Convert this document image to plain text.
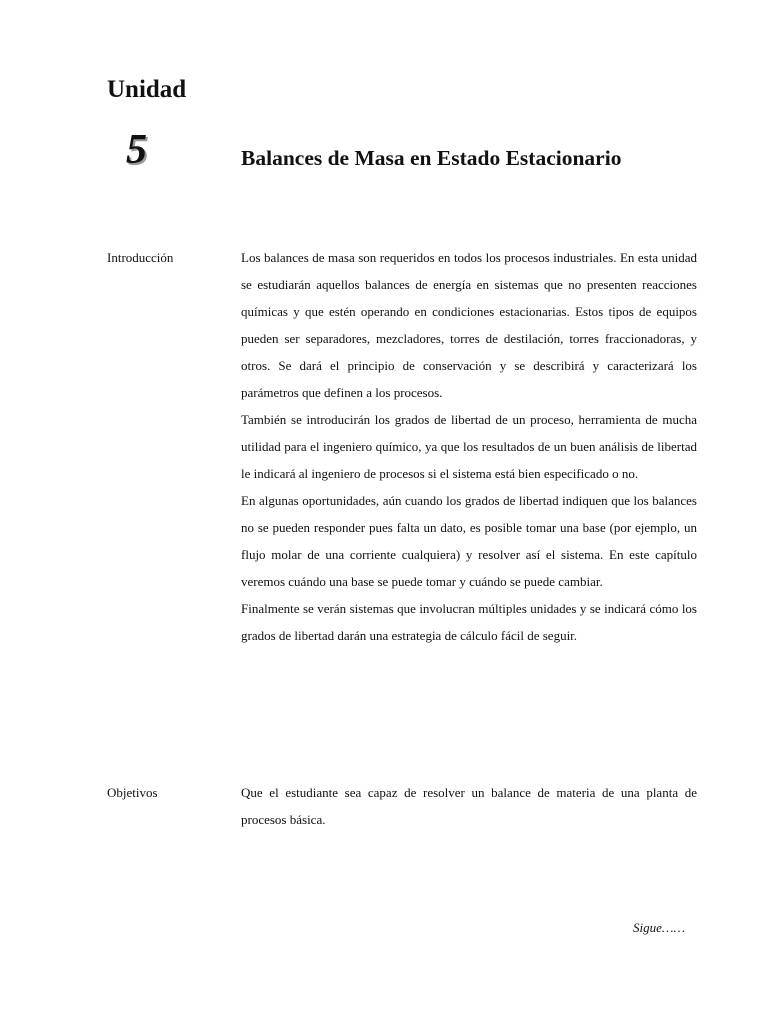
Unidad
5	Balances de Masa en Estado Estacionario
Introducción	Los balances de masa son requeridos en todos los procesos industriales. En esta unidad se estudiarán aquellos balances de energía en sistemas que no presenten reacciones químicas y que estén operando en condiciones estacionarias. Estos tipos de equipos pueden ser separadores, mezcladores, torres de destilación, torres fraccionadoras, y otros. Se dará el principio de conservación y se describirá y caracterizará los parámetros que definen a los procesos.

También se introducirán los grados de libertad de un proceso, herramienta de mucha utilidad para el ingeniero químico, ya que los resultados de un buen análisis de libertad le indicará al ingeniero de procesos si el sistema está bien especificado o no.

En algunas oportunidades, aún cuando los grados de libertad indiquen que los balances no se pueden responder pues falta un dato, es posible tomar una base (por ejemplo, un flujo molar de una corriente cualquiera) y resolver así el sistema. En este capítulo veremos cuándo una base se puede tomar y cuándo se puede cambiar.

Finalmente se verán sistemas que involucran múltiples unidades y se indicará cómo los grados de libertad darán una estrategia de cálculo fácil de seguir.

Objetivos	Que el estudiante sea capaz de resolver un balance de materia de una planta de procesos básica.

Sigue……
